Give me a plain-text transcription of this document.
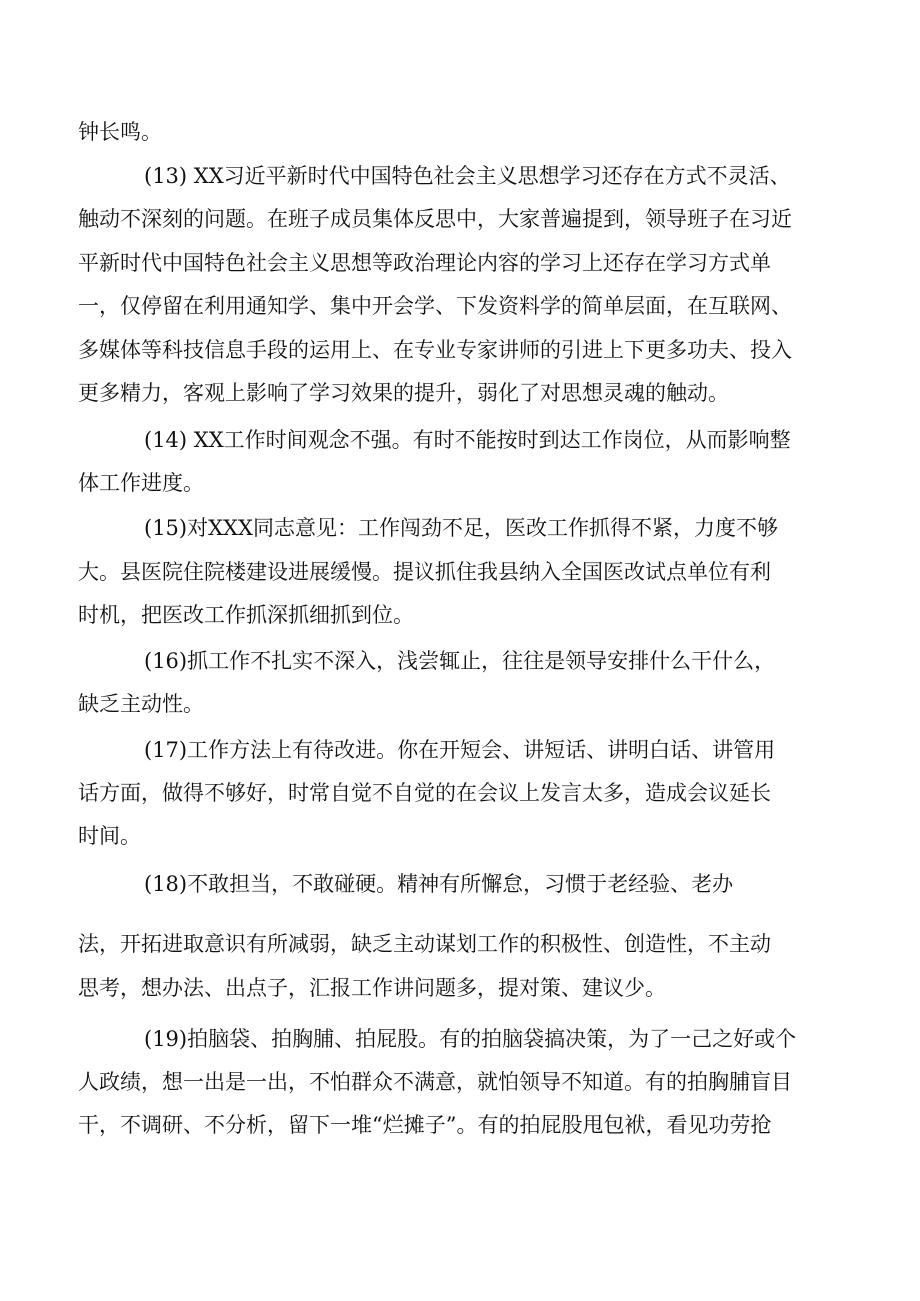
钟长鸣。
(13) XX习近平新时代中国特色社会主义思想学习还存在方式不灵活、
触动不深刻的问题。在班子成员集体反思中，大家普遍提到，领导班子在习近
平新时代中国特色社会主义思想等政治理论内容的学习上还存在学习方式单
一，仅停留在利用通知学、集中开会学、下发资料学的简单层面，在互联网、
多媒体等科技信息手段的运用上、在专业专家讲师的引进上下更多功夫、投入
更多精力，客观上影响了学习效果的提升，弱化了对思想灵魂的触动。
(14) XX工作时间观念不强。有时不能按时到达工作岗位，从而影响整
体工作进度。
(15)对XXX同志意见：工作闯劲不足，医改工作抓得不紧，力度不够
大。县医院住院楼建设进展缓慢。提议抓住我县纳入全国医改试点单位有利
时机，把医改工作抓深抓细抓到位。
(16)抓工作不扎实不深入，浅尝辄止，往往是领导安排什么干什么，
缺乏主动性。
(17)工作方法上有待改进。你在开短会、讲短话、讲明白话、讲管用
话方面，做得不够好，时常自觉不自觉的在会议上发言太多，造成会议延长
时间。
(18)不敢担当，不敢碰硬。精神有所懈怠，习惯于老经验、老办
法，开拓进取意识有所减弱，缺乏主动谋划工作的积极性、创造性，不主动
思考，想办法、出点子，汇报工作讲问题多，提对策、建议少。
(19)拍脑袋、拍胸脯、拍屁股。有的拍脑袋搞决策，为了一己之好或个
人政绩，想一出是一出，不怕群众不满意，就怕领导不知道。有的拍胸脯盲目
干，不调研、不分析，留下一堆“烂摊子”。有的拍屁股甩包袱，看见功劳抢
